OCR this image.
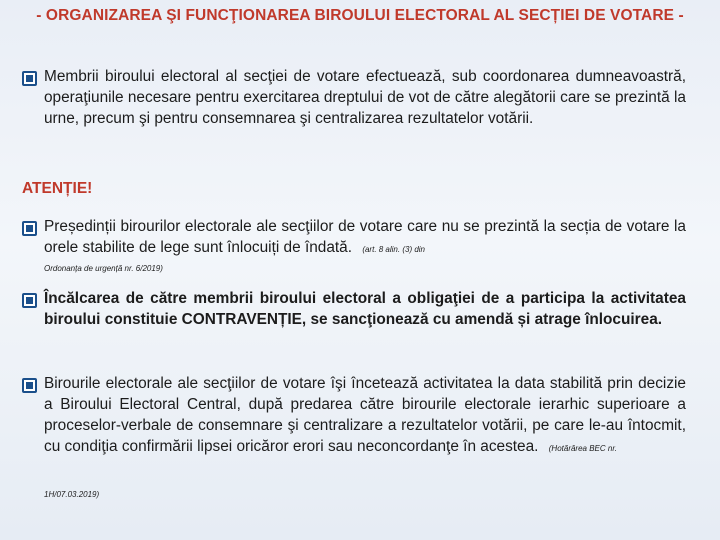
- ORGANIZAREA ŞI FUNCŢIONAREA BIROULUI ELECTORAL AL SECȚIEI DE VOTARE -
Membrii biroului electoral al secţiei de votare efectuează, sub coordonarea dumneavoastră, operaţiunile necesare pentru exercitarea dreptului de vot de către alegătorii care se prezintă la urne, precum şi pentru consemnarea şi centralizarea rezultatelor votării.
ATENȚIE!
Președinții birourilor electorale ale secţiilor de votare care nu se prezintă la secția de votare la orele stabilite de lege sunt înlocuiți de îndată. (art. 8 alin. (3) din
Ordonanța de urgență nr. 6/2019)
Încălcarea de către membrii biroului electoral a obligaţiei de a participa la activitatea biroului constituie CONTRAVENȚIE, se sancţionează cu amendă și atrage înlocuirea.
Birourile electorale ale secţiilor de votare îşi încetează activitatea la data stabilită prin decizie a Biroului Electoral Central, după predarea către birourile electorale ierarhic superioare a proceselor-verbale de consemnare şi centralizare a rezultatelor votării, pe care le-au întocmit, cu condiţia confirmării lipsei oricăror erori sau neconcordanţe în acestea. (Hotărârea BEC nr.
1H/07.03.2019)
